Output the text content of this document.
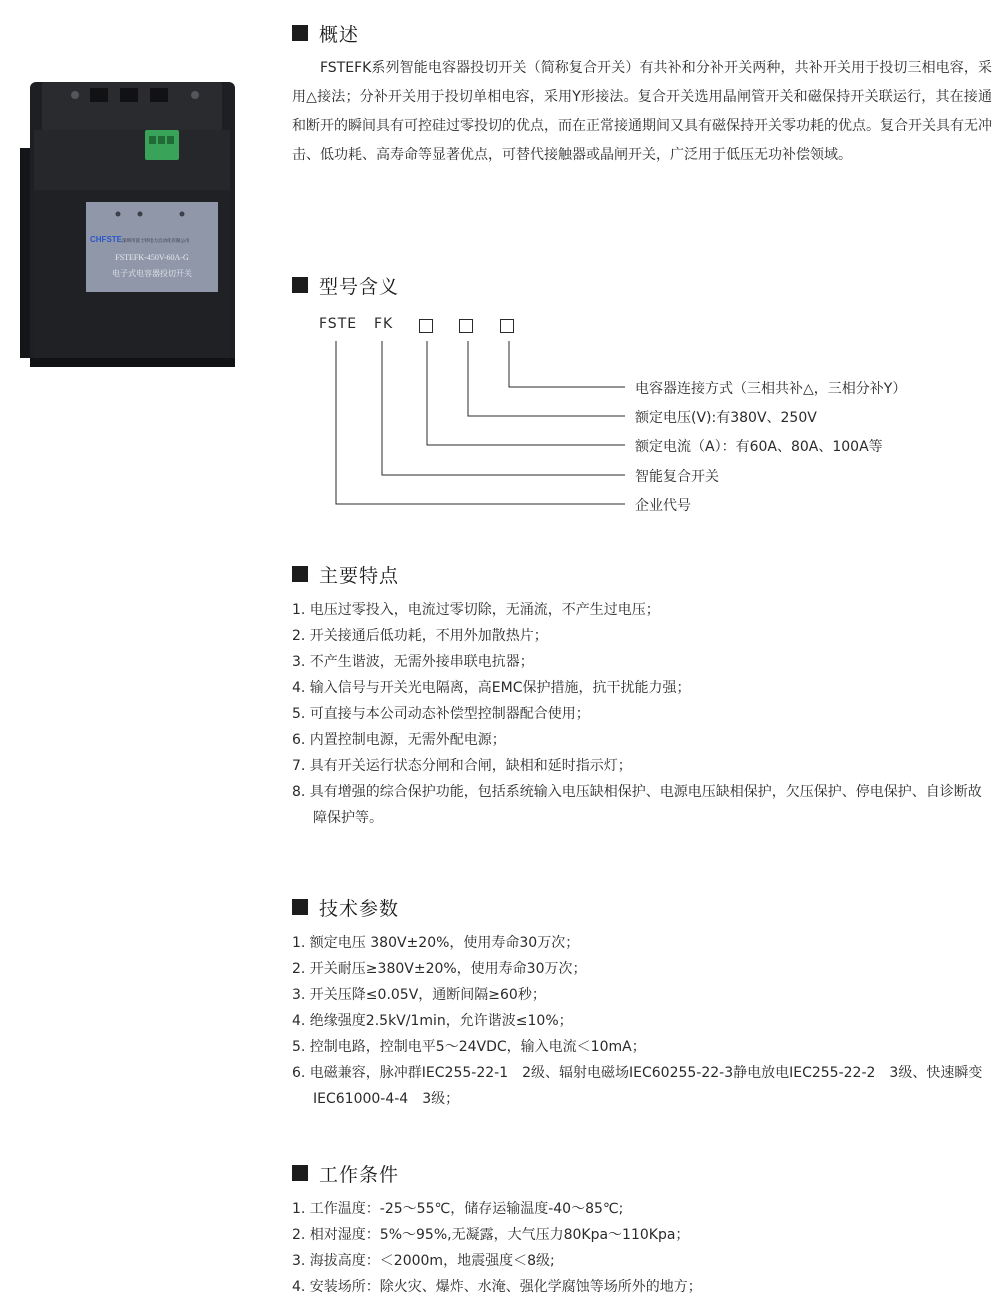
CHFSTE 深圳市富士特电力自动化有限公司
FSTEFK-450V-60A-G
电子式电容器投切开关
概述

FSTEFK系列智能电容器投切开关（简称复合开关）有共补和分补开关两种，共补开关用于投切三相电容，采用△接法；分补开关用于投切单相电容，采用Y形接法。复合开关选用晶闸管开关和磁保持开关联运行，其在接通和断开的瞬间具有可控硅过零投切的优点，而在正常接通期间又具有磁保持开关零功耗的优点。复合开关具有无冲击、低功耗、高寿命等显著优点，可替代接触器或晶闸开关，广泛用于低压无功补偿领域。

型号含义
FSTE FK
电容器连接方式（三相共补△，三相分补Y）
额定电压(V):有380V、250V
额定电流（A）：有60A、80A、100A等
智能复合开关
企业代号
主要特点
1. 电压过零投入，电流过零切除，无涌流，不产生过电压；
2. 开关接通后低功耗，不用外加散热片；
3. 不产生谐波，无需外接串联电抗器；
4. 输入信号与开关光电隔离，高EMC保护措施，抗干扰能力强；
5. 可直接与本公司动态补偿型控制器配合使用；
6. 内置控制电源，无需外配电源；
7. 具有开关运行状态分闸和合闸，缺相和延时指示灯；
8. 具有增强的综合保护功能，包括系统输入电压缺相保护、电源电压缺相保护，欠压保护、停电保护、自诊断故障保护等。
技术参数
1. 额定电压 380V±20%，使用寿命30万次；
2. 开关耐压≥380V±20%，使用寿命30万次；
3. 开关压降≤0.05V，通断间隔≥60秒；
4. 绝缘强度2.5kV/1min，允许谐波≤10%；
5. 控制电路，控制电平5～24VDC，输入电流＜10mA；
6. 电磁兼容，脉冲群IEC255-22-1　2级、辐射电磁场IEC60255-22-3静电放电IEC255-22-2　3级、快速瞬变IEC61000-4-4　3级；
工作条件
1. 工作温度：-25～55℃，储存运输温度-40～85℃;
2. 相对湿度：5%～95%,无凝露，大气压力80Kpa～110Kpa；
3. 海拔高度：＜2000m，地震强度＜8级;
4. 安装场所：除火灾、爆炸、水淹、强化学腐蚀等场所外的地方；
